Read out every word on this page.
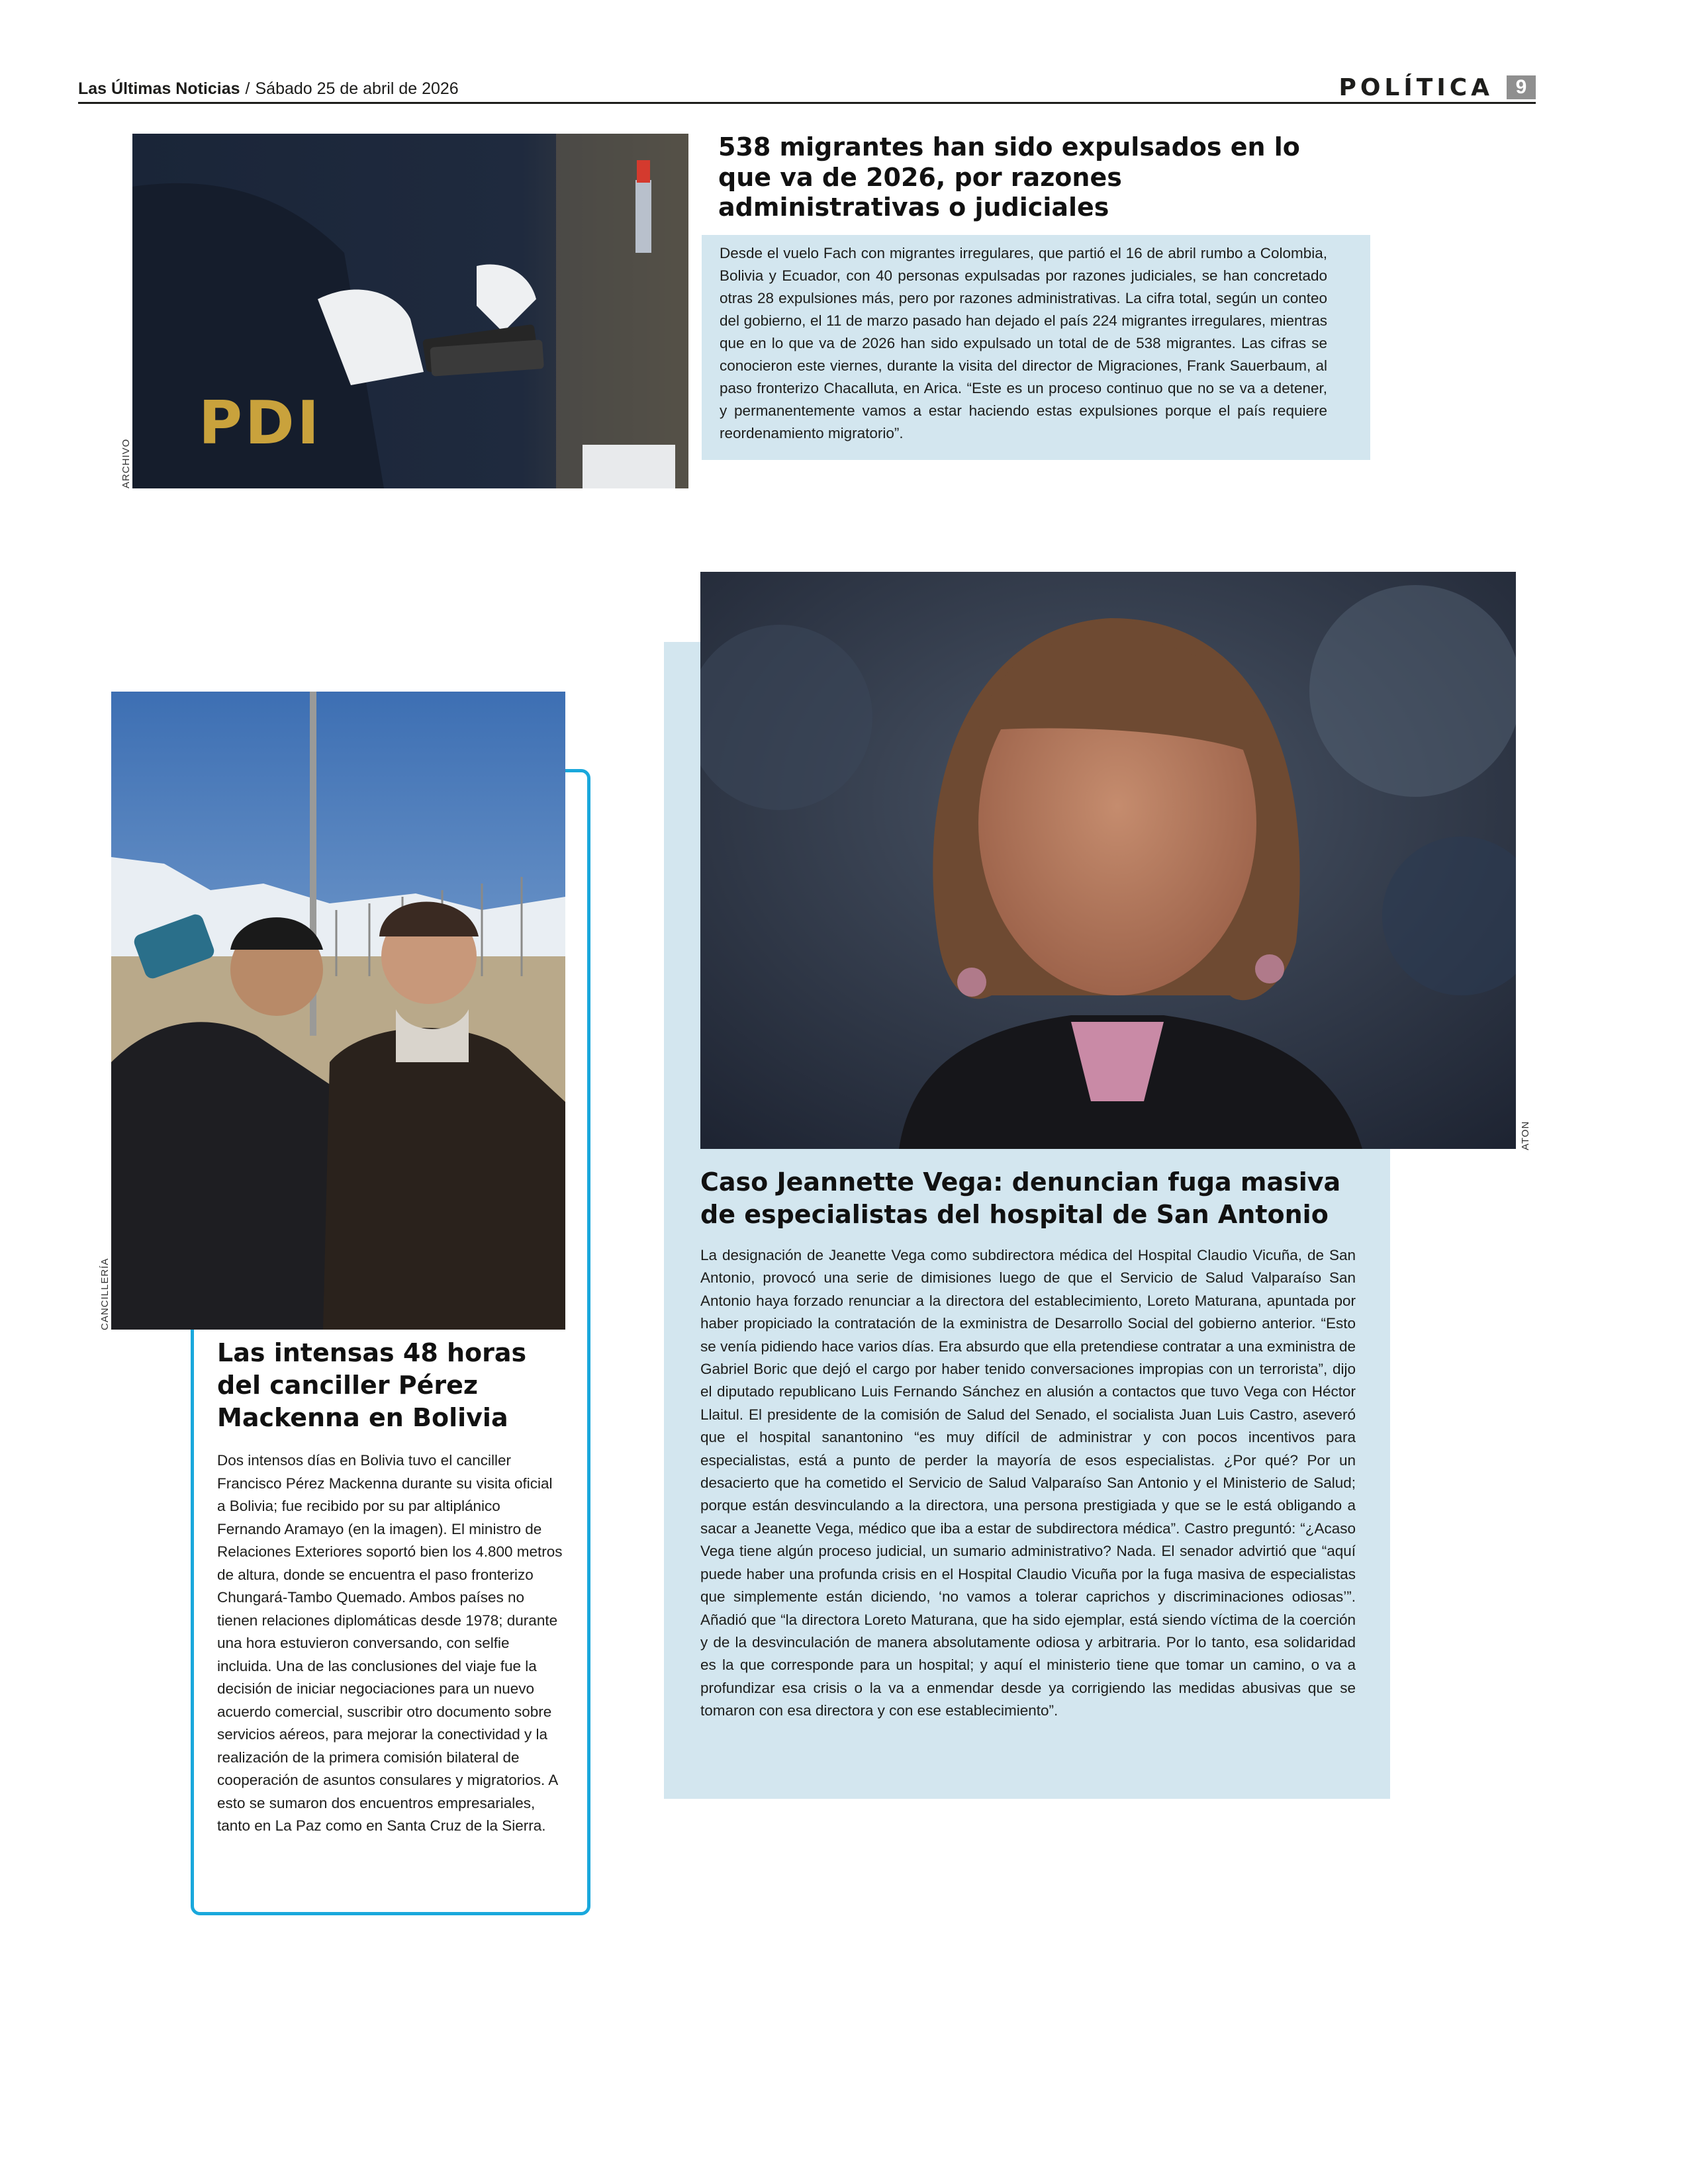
Las Últimas Noticias / Sábado 25 de abril de 2026	POLÍTICA	9
PDI
ARCHIVO
538 migrantes han sido expulsados en lo que va de 2026, por razones administrativas o judiciales
Desde el vuelo Fach con migrantes irregulares, que partió el 16 de abril rumbo a Colombia, Bolivia y Ecuador, con 40 personas expulsadas por razones judiciales, se han concretado otras 28 expulsiones más, pero por razones administrativas. La cifra total, según un conteo del gobierno, el 11 de marzo pasado han dejado el país 224 migrantes irregulares, mientras que en lo que va de 2026 han sido expulsado un total de de 538 migrantes. Las cifras se conocieron este viernes, durante la visita del director de Migraciones, Frank Sauerbaum, al paso fronterizo Chacalluta, en Arica. “Este es un proceso continuo que no se va a detener, y permanentemente vamos a estar haciendo estas expulsiones porque el país requiere reordenamiento migratorio”.
CANCILLERÍA
Las intensas 48 horas del canciller Pérez Mackenna en Bolivia
Dos intensos días en Bolivia tuvo el canciller Francisco Pérez Mackenna durante su visita oficial a Bolivia; fue recibido por su par altiplánico Fernando Aramayo (en la imagen). El ministro de Relaciones Exteriores soportó bien los 4.800 metros de altura, donde se encuentra el paso fronterizo Chungará-Tambo Quemado. Ambos países no tienen relaciones diplomáticas desde 1978; durante una hora estuvieron conversando, con selfie incluida. Una de las conclusiones del viaje fue la decisión de iniciar negociaciones para un nuevo acuerdo comercial, suscribir otro documento sobre servicios aéreos, para mejorar la conectividad y la realización de la primera comisión bilateral de cooperación de asuntos consulares y migratorios. A esto se sumaron dos encuentros empresariales, tanto en La Paz como en Santa Cruz de la Sierra.
ATON
Caso Jeannette Vega: denuncian fuga masiva de especialistas del hospital de San Antonio
La designación de Jeanette Vega como subdirectora médica del Hospital Claudio Vicuña, de San Antonio, provocó una serie de dimisiones luego de que el Servicio de Salud Valparaíso San Antonio haya forzado renunciar a la directora del establecimiento, Loreto Maturana, apuntada por haber propiciado la contratación de la exministra de Desarrollo Social del gobierno anterior. “Esto se venía pidiendo hace varios días. Era absurdo que ella pretendiese contratar a una exministra de Gabriel Boric que dejó el cargo por haber tenido conversaciones impropias con un terrorista”, dijo el diputado republicano Luis Fernando Sánchez en alusión a contactos que tuvo Vega con Héctor Llaitul. El presidente de la comisión de Salud del Senado, el socialista Juan Luis Castro, aseveró que el hospital sanantonino “es muy difícil de administrar y con pocos incentivos para especialistas, está a punto de perder la mayoría de esos especialistas. ¿Por qué? Por un desacierto que ha cometido el Servicio de Salud Valparaíso San Antonio y el Ministerio de Salud; porque están desvinculando a la directora, una persona prestigiada y que se le está obligando a sacar a Jeanette Vega, médico que iba a estar de subdirectora médica”. Castro preguntó: “¿Acaso Vega tiene algún proceso judicial, un sumario administrativo? Nada. El senador advirtió que “aquí puede haber una profunda crisis en el Hospital Claudio Vicuña por la fuga masiva de especialistas que simplemente están diciendo, ‘no vamos a tolerar caprichos y discriminaciones odiosas’”. Añadió que “la directora Loreto Maturana, que ha sido ejemplar, está siendo víctima de la coerción y de la desvinculación de manera absolutamente odiosa y arbitraria. Por lo tanto, esa solidaridad es la que corresponde para un hospital; y aquí el ministerio tiene que tomar un camino, o va a profundizar esa crisis o la va a enmendar desde ya corrigiendo las medidas abusivas que se tomaron con esa directora y con ese establecimiento”.
